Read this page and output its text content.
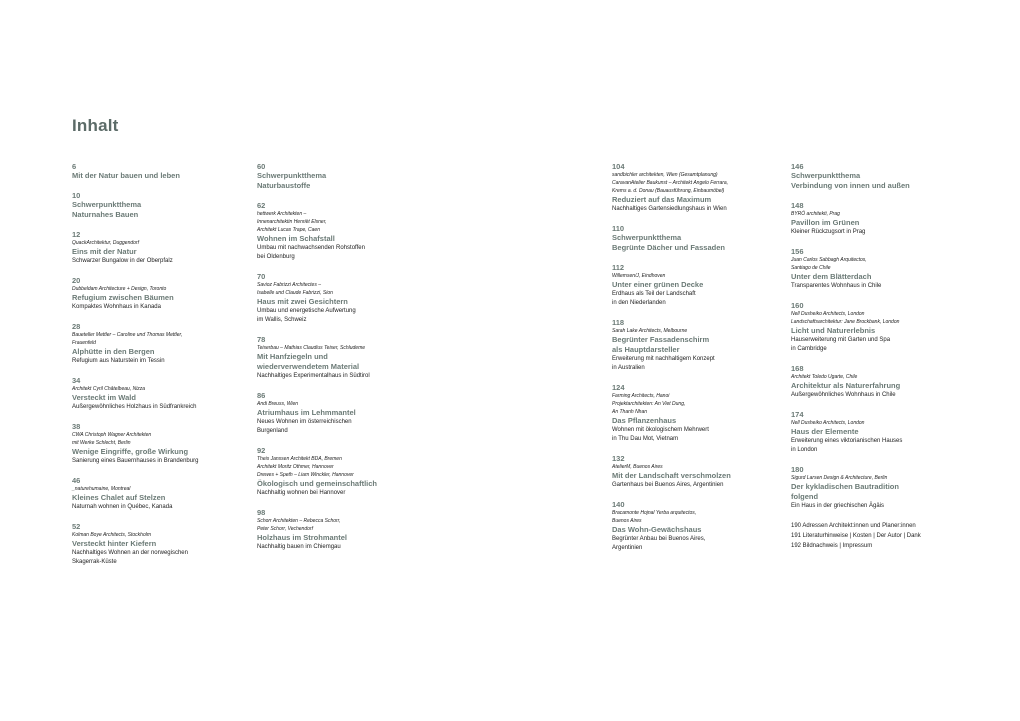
Inhalt
6
Mit der Natur bauen und leben
10
Schwerpunktthema
Naturnahes Bauen
12
QuackArchitektur, Duggendorf
Eins mit der Natur
Schwarzer Bungalow in der Oberpfalz
20
Dubbeldam Architecture + Design, Toronto
Refugium zwischen Bäumen
Kompaktes Wohnhaus in Kanada
28
Baueteller Mettler – Caroline und Thomas Mettler,
Frauenfeld
Alphütte in den Bergen
Refugium aus Naturstein im Tessin
34
Architekt Cyril Châtelbeau, Nizza
Versteckt im Wald
Außergewöhnliches Holzhaus in Südfrankreich
38
CWA Christoph Wagner Architekten
mit Werke Schlecht, Berlin
Wenige Eingriffe, große Wirkung
Sanierung eines Bauernhauses in Brandenburg
46
_naturehumaine, Montreal
Kleines Chalet auf Stelzen
Naturnah wohnen in Québec, Kanada
52
Kolman Boye Architects, Stockholm
Versteckt hinter Kiefern
Nachhaltiges Wohnen an der norwegischen
Skagerrak-Küste
60
Schwerpunktthema
Naturbaustoffe
62
hettwerk Architekten –
Innenarchitektin Henriët Elsner,
Architekt Lucas Trape, Caen
Wohnen im Schafstall
Umbau mit nachwachsenden Rohstoffen
bei Oldenburg
70
Savioz Fabrizzi Architectes –
Isabelle und Claude Fabrizzi, Sion
Haus mit zwei Gesichtern
Umbau und energetische Aufwertung
im Wallis, Schweiz
78
Teiserbau – Mathias Claudius Teiser, Schludeme
Mit Hanfziegeln und
wiederverwendetem Material
Nachhaltiges Experimentalhaus in Südtirol
86
Andi Breuss, Wien
Atriumhaus im Lehmmantel
Neues Wohnen im österreichischen
Burgenland
92
Theis Janssen Architekt BDA, Bremen
Architekt Moritz Othmer, Hannover
Drewes + Speth – Liam Winckler, Hannover
Ökologisch und gemeinschaftlich
Nachhaltig wohnen bei Hannover
98
Schorr Architekten – Rebecca Schorr,
Peter Schorr, Vechendorf
Holzhaus im Strohmantel
Nachhaltig bauen im Chiemgau
104
sandbichler architekten, Wien (Gesamtplanung)
CaravanAtelier Baukunst – Architekt Angelo Ferrara,
Krems a. d. Donau (Bauausführung, Einbaumöbel)
Reduziert auf das Maximum
Nachhaltiges Gartensiedlungshaus in Wien
110
Schwerpunktthema
Begrünte Dächer und Fassaden
112
Willemsen/J, Eindhoven
Unter einer grünen Decke
Erdhaus als Teil der Landschaft
in den Niederlanden
118
Sarah Lake Architects, Melbourne
Begrünter Fassadenschirm
als Hauptdarsteller
Erweiterung mit nachhaltigem Konzept
in Australien
124
Farming Architects, Hanoi
Projektarchitekten: An Viet Dung,
An Thanh Nhan
Das Pflanzenhaus
Wohnen mit ökologischem Mehrwert
in Thu Dau Mot, Vietnam
132
AtelierM, Buenos Aires
Mit der Landschaft verschmolzen
Gartenhaus bei Buenos Aires, Argentinien
140
Bracamonte Hojnal Yerba arquitectos,
Buenos Aires
Das Wohn-Gewächshaus
Begrünter Anbau bei Buenos Aires,
Argentinien
146
Schwerpunktthema
Verbindung von innen und außen
148
BYRÓ architekti, Prag
Pavillon im Grünen
Kleiner Rückzugsort in Prag
156
Juan Carlos Sabbagh Arquitectos,
Santiago de Chile
Unter dem Blätterdach
Transparentes Wohnhaus in Chile
160
Nell Dusheiko Architects, London
Landschaftsarchitektur: Jane Brockbank, London
Licht und Naturerlebnis
Hauserweiterung mit Garten und Spa
in Cambridge
168
Architekt Toledo Ugarte, Chile
Architektur als Naturerfahrung
Außergewöhnliches Wohnhaus in Chile
174
Nell Dusheiko Architects, London
Haus der Elemente
Erweiterung eines viktorianischen Hauses
in London
180
Sigurd Larsen Design & Architecture, Berlin
Der kykladischen Bautradition
folgend
Ein Haus in der griechischen Ägäis
190 Adressen Architekt:innen und Planer:innen
191 Literaturhinweise | Kosten | Der Autor | Dank
192 Bildnachweis | Impressum
